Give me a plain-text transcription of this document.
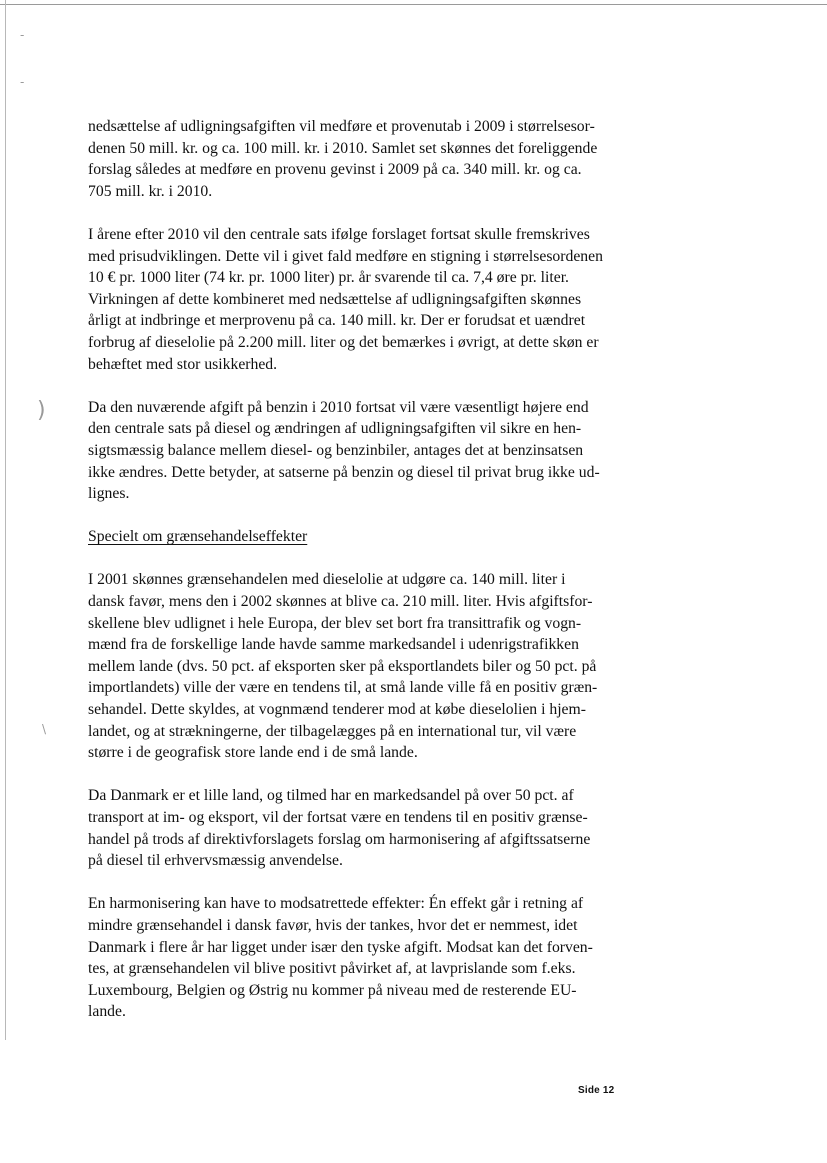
-
-
)
\

nedsættelse af udligningsafgiften vil medføre et provenutab i 2009 i størrelsesor-
denen 50 mill. kr. og ca. 100 mill. kr. i 2010. Samlet set skønnes det foreliggende
forslag således at medføre en provenu gevinst i 2009 på ca. 340 mill. kr. og ca.
705 mill. kr. i 2010.

I årene efter 2010 vil den centrale sats ifølge forslaget fortsat skulle fremskrives
med prisudviklingen. Dette vil i givet fald medføre en stigning i størrelsesordenen
10 € pr. 1000 liter (74 kr. pr. 1000 liter) pr. år svarende til ca. 7,4 øre pr. liter.
Virkningen af dette kombineret med nedsættelse af udligningsafgiften skønnes
årligt at indbringe et merprovenu på ca. 140 mill. kr. Der er forudsat et uændret
forbrug af dieselolie på 2.200 mill. liter og det bemærkes i øvrigt, at dette skøn er
behæftet med stor usikkerhed.

Da den nuværende afgift på benzin i 2010 fortsat vil være væsentligt højere end
den centrale sats på diesel og ændringen af udligningsafgiften vil sikre en hen-
sigtsmæssig balance mellem diesel- og benzinbiler, antages det at benzinsatsen
ikke ændres. Dette betyder, at satserne på benzin og diesel til privat brug ikke ud-
lignes.

Specielt om grænsehandelseffekter

I 2001 skønnes grænsehandelen med dieselolie at udgøre ca. 140 mill. liter i
dansk favør, mens den i 2002 skønnes at blive ca. 210 mill. liter. Hvis afgiftsfor-
skellene blev udlignet i hele Europa, der blev set bort fra transittrafik og vogn-
mænd fra de forskellige lande havde samme markedsandel i udenrigstrafikken
mellem lande (dvs. 50 pct. af eksporten sker på eksportlandets biler og 50 pct. på
importlandets) ville der være en tendens til, at små lande ville få en positiv græn-
sehandel. Dette skyldes, at vognmænd tenderer mod at købe dieselolien i hjem-
landet, og at strækningerne, der tilbagelægges på en international tur, vil være
større i de geografisk store lande end i de små lande.

Da Danmark er et lille land, og tilmed har en markedsandel på over 50 pct. af
transport at im- og eksport, vil der fortsat være en tendens til en positiv grænse-
handel på trods af direktivforslagets forslag om harmonisering af afgiftssatserne
på diesel til erhvervsmæssig anvendelse.

En harmonisering kan have to modsatrettede effekter: Én effekt går i retning af
mindre grænsehandel i dansk favør, hvis der tankes, hvor det er nemmest, idet
Danmark i flere år har ligget under især den tyske afgift. Modsat kan det forven-
tes, at grænsehandelen vil blive positivt påvirket af, at lavprislande som f.eks.
Luxembourg, Belgien og Østrig nu kommer på niveau med de resterende EU-
lande.

Side 12
